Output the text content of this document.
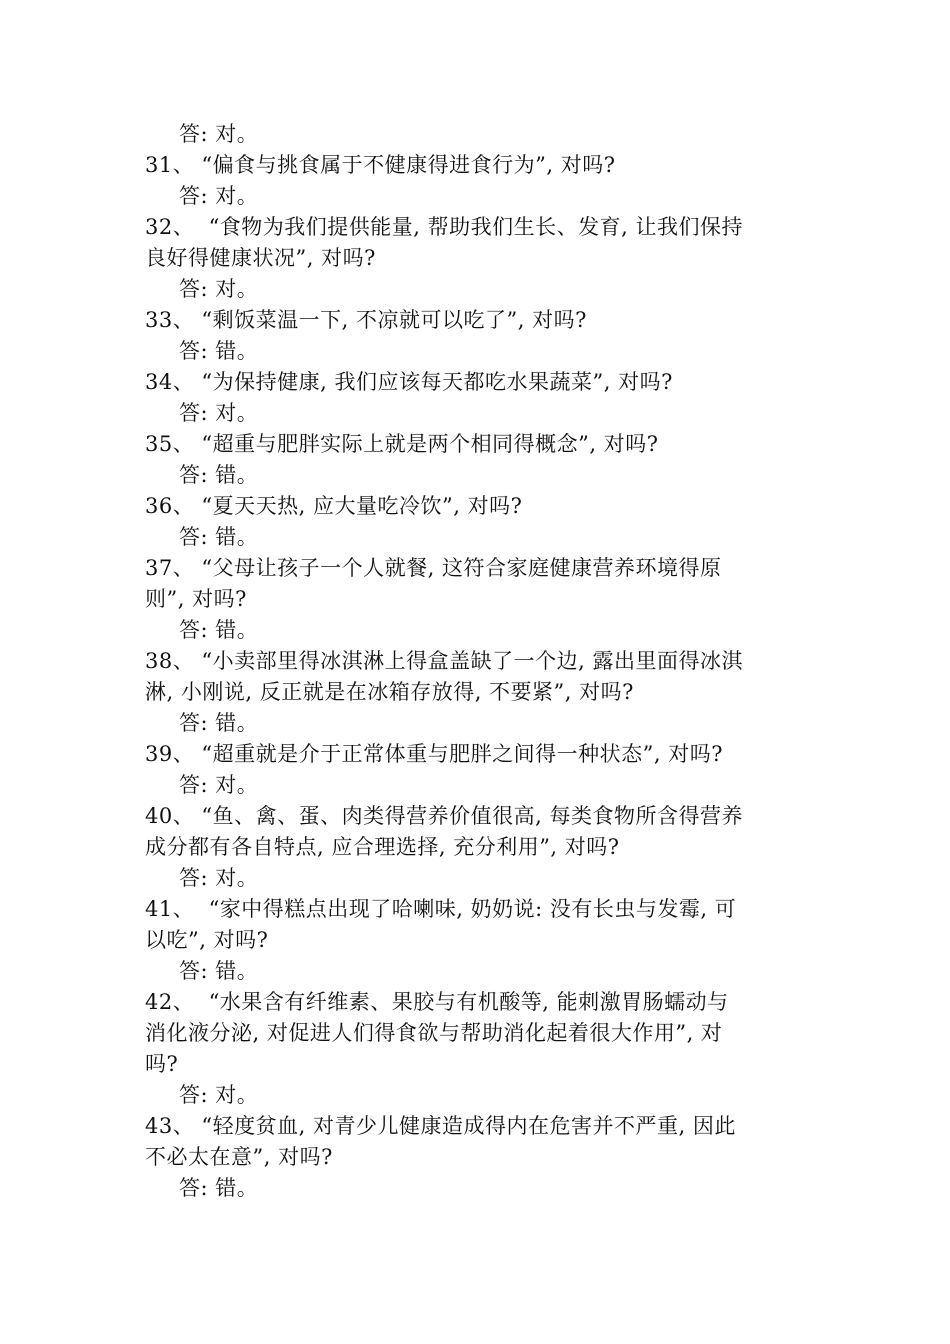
答: 对。
31、 “偏食与挑食属于不健康得进食行为”, 对吗?
答: 对。
32、  “食物为我们提供能量, 帮助我们生长、发育, 让我们保持
良好得健康状况”, 对吗?
答: 对。
33、 “剩饭菜温一下, 不凉就可以吃了”, 对吗?
答: 错。
34、 “为保持健康, 我们应该每天都吃水果蔬菜”, 对吗?
答: 对。
35、 “超重与肥胖实际上就是两个相同得概念”, 对吗?
答: 错。
36、 “夏天天热, 应大量吃冷饮”, 对吗?
答: 错。
37、 “父母让孩子一个人就餐, 这符合家庭健康营养环境得原
则”, 对吗?
答: 错。
38、 “小卖部里得冰淇淋上得盒盖缺了一个边, 露出里面得冰淇
淋, 小刚说, 反正就是在冰箱存放得, 不要紧”, 对吗?
答: 错。
39、 “超重就是介于正常体重与肥胖之间得一种状态”, 对吗?
答: 对。
40、 “鱼、禽、蛋、肉类得营养价值很高, 每类食物所含得营养
成分都有各自特点, 应合理选择, 充分利用”, 对吗?
答: 对。
41、  “家中得糕点出现了哈喇味, 奶奶说: 没有长虫与发霉, 可
以吃”, 对吗?
答: 错。
42、  “水果含有纤维素、果胶与有机酸等, 能刺激胃肠蠕动与
消化液分泌, 对促进人们得食欲与帮助消化起着很大作用”, 对
吗?
答: 对。
43、 “轻度贫血, 对青少儿健康造成得内在危害并不严重, 因此
不必太在意”, 对吗?
答: 错。
